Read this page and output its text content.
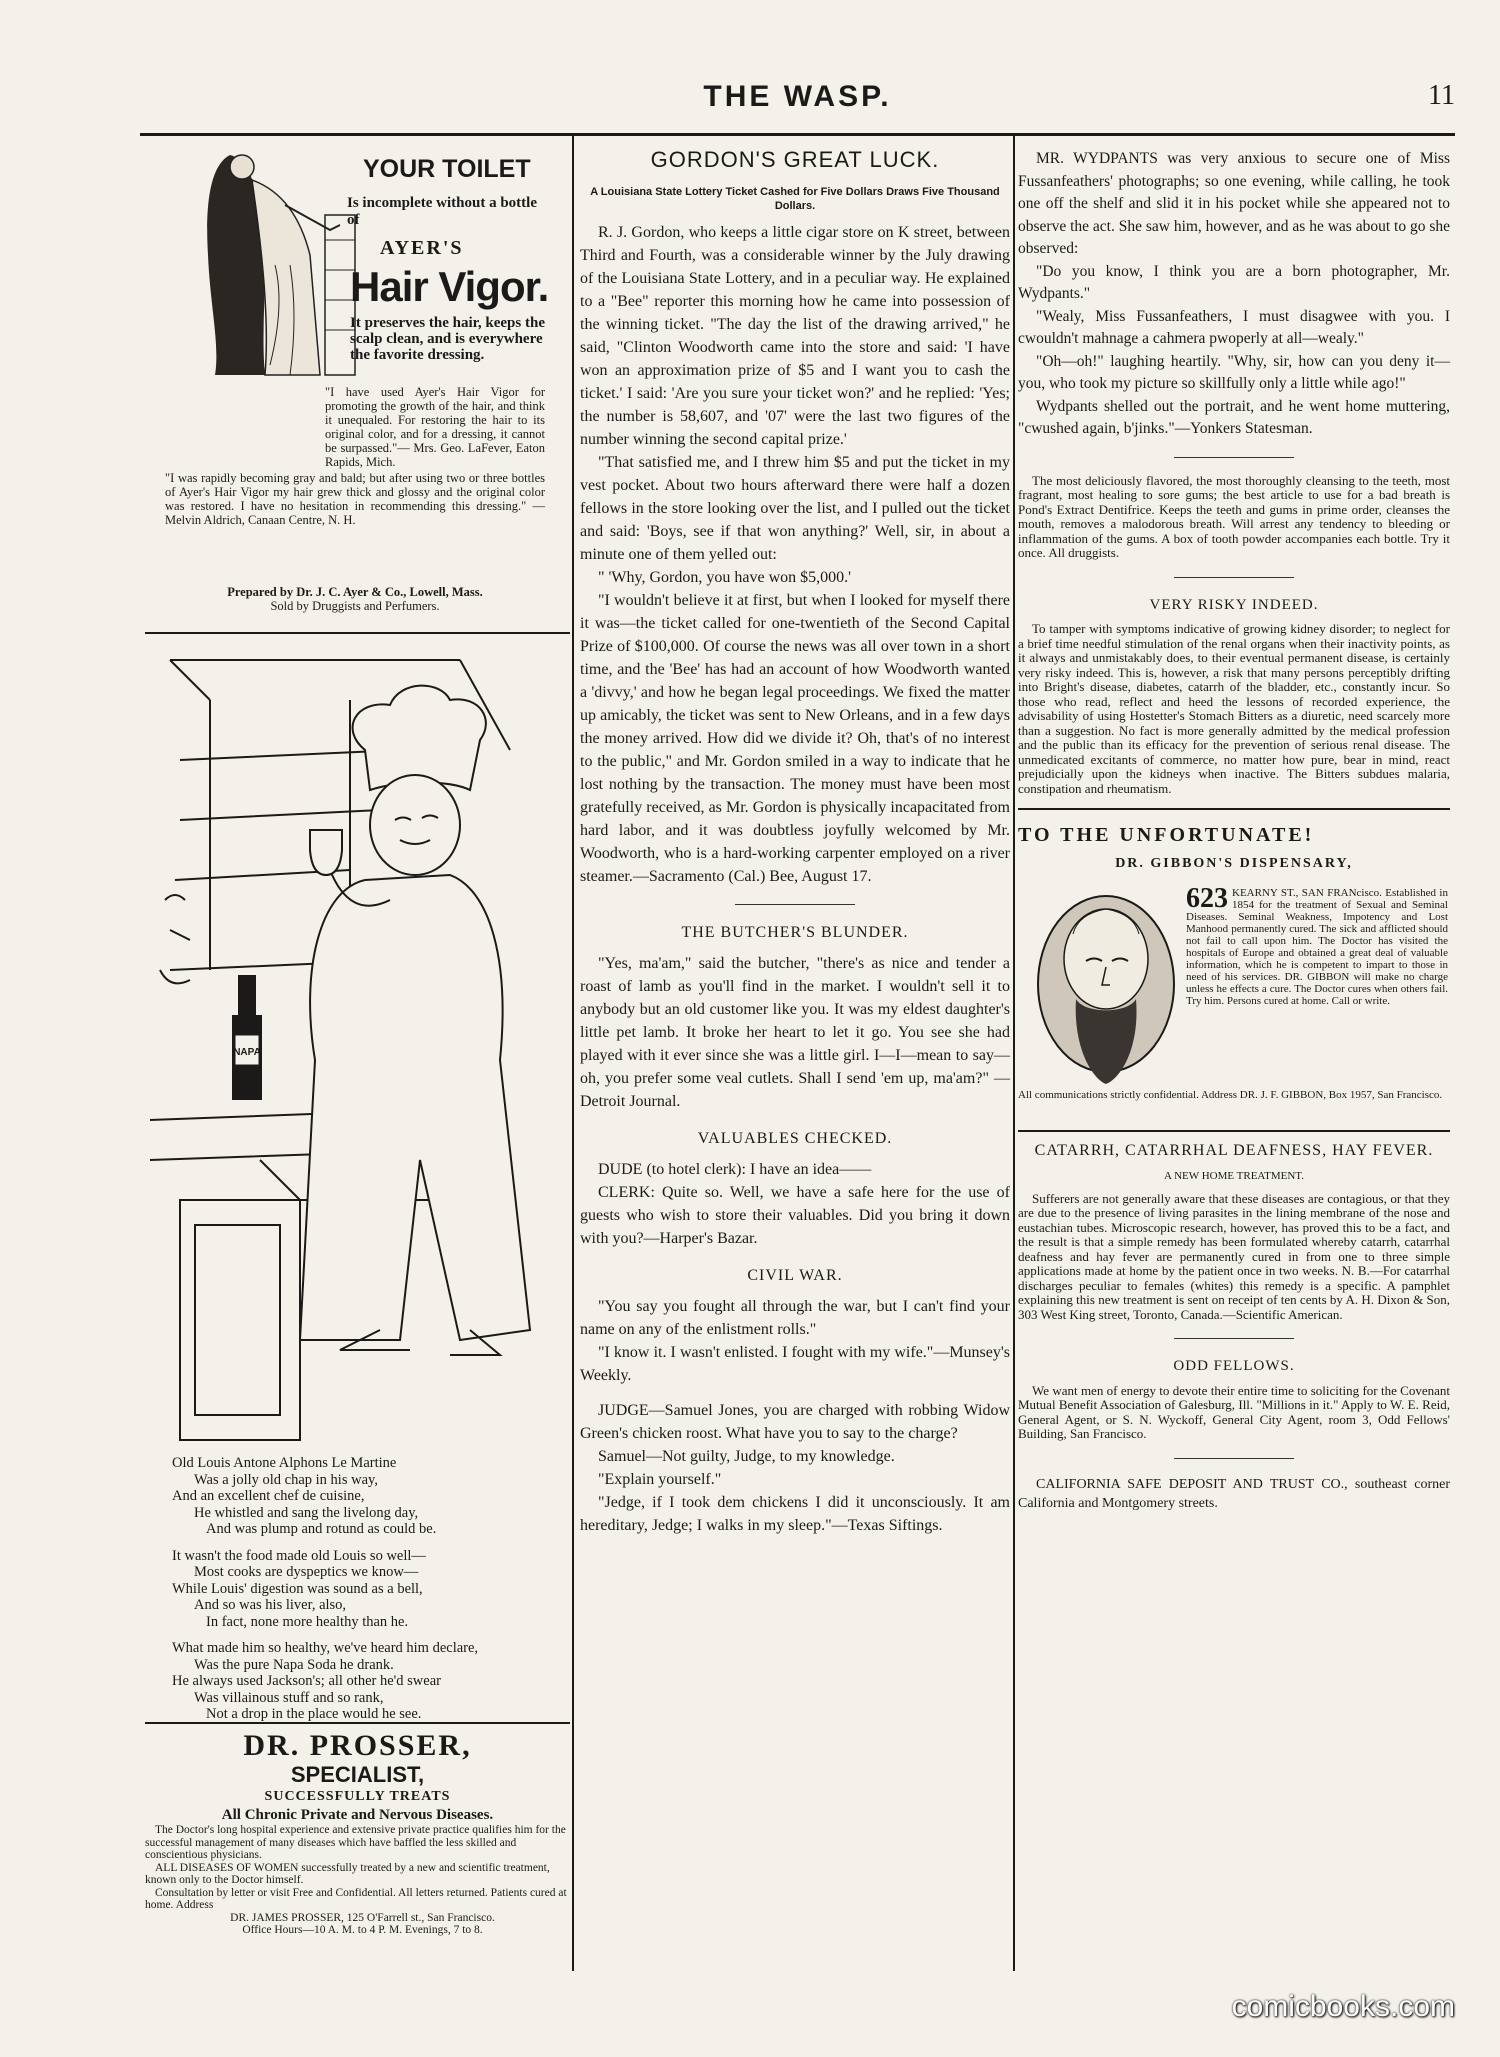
THE WASP.	11
YOUR TOILET
Is incomplete without a bottle of
AYER'S
Hair Vigor.
It preserves the hair, keeps the scalp clean, and is everywhere the favorite dressing.
"I have used Ayer's Hair Vigor for promoting the growth of the hair, and think it unequaled. For restoring the hair to its original color, and for a dressing, it cannot be surpassed."— Mrs. Geo. LaFever, Eaton Rapids, Mich.
"I was rapidly becoming gray and bald; but after using two or three bottles of Ayer's Hair Vigor my hair grew thick and glossy and the original color was restored. I have no hesitation in recommending this dressing." —Melvin Aldrich, Canaan Centre, N. H.
Prepared by Dr. J. C. Ayer & Co., Lowell, Mass.
Sold by Druggists and Perfumers.
NAPA

Old Louis Antone Alphons Le Martine
Was a jolly old chap in his way,
And an excellent chef de cuisine,
He whistled and sang the livelong day,
And was plump and rotund as could be.

It wasn't the food made old Louis so well—
Most cooks are dyspeptics we know—
While Louis' digestion was sound as a bell,
And so was his liver, also,
In fact, none more healthy than he.

What made him so healthy, we've heard him declare,
Was the pure Napa Soda he drank.
He always used Jackson's; all other he'd swear
Was villainous stuff and so rank,
Not a drop in the place would he see.

DR. PROSSER,
SPECIALIST,
SUCCESSFULLY TREATS
All Chronic Private and Nervous Diseases.

The Doctor's long hospital experience and extensive private practice qualifies him for the successful management of many diseases which have baffled the less skilled and conscientious physicians.

ALL DISEASES OF WOMEN successfully treated by a new and scientific treatment, known only to the Doctor himself.

Consultation by letter or visit Free and Confidential. All letters returned. Patients cured at home. Address

DR. JAMES PROSSER, 125 O'Farrell st., San Francisco.

Office Hours—10 A. M. to 4 P. M. Evenings, 7 to 8.

GORDON'S GREAT LUCK.
A Louisiana State Lottery Ticket Cashed for Five Dollars Draws Five Thousand Dollars.

R. J. Gordon, who keeps a little cigar store on K street, between Third and Fourth, was a considerable winner by the July drawing of the Louisiana State Lottery, and in a peculiar way. He explained to a "Bee" reporter this morning how he came into possession of the winning ticket. "The day the list of the drawing arrived," he said, "Clinton Woodworth came into the store and said: 'I have won an approximation prize of $5 and I want you to cash the ticket.' I said: 'Are you sure your ticket won?' and he replied: 'Yes; the number is 58,607, and '07' were the last two figures of the number winning the second capital prize.'

"That satisfied me, and I threw him $5 and put the ticket in my vest pocket. About two hours afterward there were half a dozen fellows in the store looking over the list, and I pulled out the ticket and said: 'Boys, see if that won anything?' Well, sir, in about a minute one of them yelled out:

" 'Why, Gordon, you have won $5,000.'

"I wouldn't believe it at first, but when I looked for myself there it was—the ticket called for one-twentieth of the Second Capital Prize of $100,000. Of course the news was all over town in a short time, and the 'Bee' has had an account of how Woodworth wanted a 'divvy,' and how he began legal proceedings. We fixed the matter up amicably, the ticket was sent to New Orleans, and in a few days the money arrived. How did we divide it? Oh, that's of no interest to the public," and Mr. Gordon smiled in a way to indicate that he lost nothing by the transaction. The money must have been most gratefully received, as Mr. Gordon is physically incapacitated from hard labor, and it was doubtless joyfully welcomed by Mr. Woodworth, who is a hard-working carpenter employed on a river steamer.—Sacramento (Cal.) Bee, August 17.

THE BUTCHER'S BLUNDER.

"Yes, ma'am," said the butcher, "there's as nice and tender a roast of lamb as you'll find in the market. I wouldn't sell it to anybody but an old customer like you. It was my eldest daughter's little pet lamb. It broke her heart to let it go. You see she had played with it ever since she was a little girl. I—I—mean to say—oh, you prefer some veal cutlets. Shall I send 'em up, ma'am?" —Detroit Journal.

VALUABLES CHECKED.

DUDE (to hotel clerk): I have an idea——

CLERK: Quite so. Well, we have a safe here for the use of guests who wish to store their valuables. Did you bring it down with you?—Harper's Bazar.

CIVIL WAR.

"You say you fought all through the war, but I can't find your name on any of the enlistment rolls."

"I know it. I wasn't enlisted. I fought with my wife."—Munsey's Weekly.

JUDGE—Samuel Jones, you are charged with robbing Widow Green's chicken roost. What have you to say to the charge?

Samuel—Not guilty, Judge, to my knowledge.

"Explain yourself."

"Jedge, if I took dem chickens I did it unconsciously. It am hereditary, Jedge; I walks in my sleep."—Texas Siftings.

MR. WYDPANTS was very anxious to secure one of Miss Fussanfeathers' photographs; so one evening, while calling, he took one off the shelf and slid it in his pocket while she appeared not to observe the act. She saw him, however, and as he was about to go she observed:

"Do you know, I think you are a born photographer, Mr. Wydpants."

"Wealy, Miss Fussanfeathers, I must disagwee with you. I cwouldn't mahnage a cahmera pwoperly at all—wealy."

"Oh—oh!" laughing heartily. "Why, sir, how can you deny it—you, who took my picture so skillfully only a little while ago!"

Wydpants shelled out the portrait, and he went home muttering, "cwushed again, b'jinks."—Yonkers Statesman.

The most deliciously flavored, the most thoroughly cleansing to the teeth, most fragrant, most healing to sore gums; the best article to use for a bad breath is Pond's Extract Dentifrice. Keeps the teeth and gums in prime order, cleanses the mouth, removes a malodorous breath. Will arrest any tendency to bleeding or inflammation of the gums. A box of tooth powder accompanies each bottle. Try it once. All druggists.

VERY RISKY INDEED.

To tamper with symptoms indicative of growing kidney disorder; to neglect for a brief time needful stimulation of the renal organs when their inactivity points, as it always and unmistakably does, to their eventual permanent disease, is certainly very risky indeed. This is, however, a risk that many persons perceptibly drifting into Bright's disease, diabetes, catarrh of the bladder, etc., constantly incur. So those who read, reflect and heed the lessons of recorded experience, the advisability of using Hostetter's Stomach Bitters as a diuretic, need scarcely more than a suggestion. No fact is more generally admitted by the medical profession and the public than its efficacy for the prevention of serious renal disease. The unmedicated excitants of commerce, no matter how pure, bear in mind, react prejudicially upon the kidneys when inactive. The Bitters subdues malaria, constipation and rheumatism.

TO THE UNFORTUNATE!
DR. GIBBON'S DISPENSARY,
623 KEARNY ST., SAN FRANcisco. Established in 1854 for the treatment of Sexual and Seminal Diseases. Seminal Weakness, Impotency and Lost Manhood permanently cured. The sick and afflicted should not fail to call upon him. The Doctor has visited the hospitals of Europe and obtained a great deal of valuable information, which he is competent to impart to those in need of his services. DR. GIBBON will make no charge unless he effects a cure. The Doctor cures when others fail. Try him. Persons cured at home. Call or write.
All communications strictly confidential. Address DR. J. F. GIBBON, Box 1957, San Francisco.
CATARRH, CATARRHAL DEAFNESS, HAY FEVER.
A NEW HOME TREATMENT.

Sufferers are not generally aware that these diseases are contagious, or that they are due to the presence of living parasites in the lining membrane of the nose and eustachian tubes. Microscopic research, however, has proved this to be a fact, and the result is that a simple remedy has been formulated whereby catarrh, catarrhal deafness and hay fever are permanently cured in from one to three simple applications made at home by the patient once in two weeks. N. B.—For catarrhal discharges peculiar to females (whites) this remedy is a specific. A pamphlet explaining this new treatment is sent on receipt of ten cents by A. H. Dixon & Son, 303 West King street, Toronto, Canada.—Scientific American.

ODD FELLOWS.

We want men of energy to devote their entire time to soliciting for the Covenant Mutual Benefit Association of Galesburg, Ill. "Millions in it." Apply to W. E. Reid, General Agent, or S. N. Wyckoff, General City Agent, room 3, Odd Fellows' Building, San Francisco.

CALIFORNIA SAFE DEPOSIT AND TRUST CO., southeast corner California and Montgomery streets.

comicbooks.com
